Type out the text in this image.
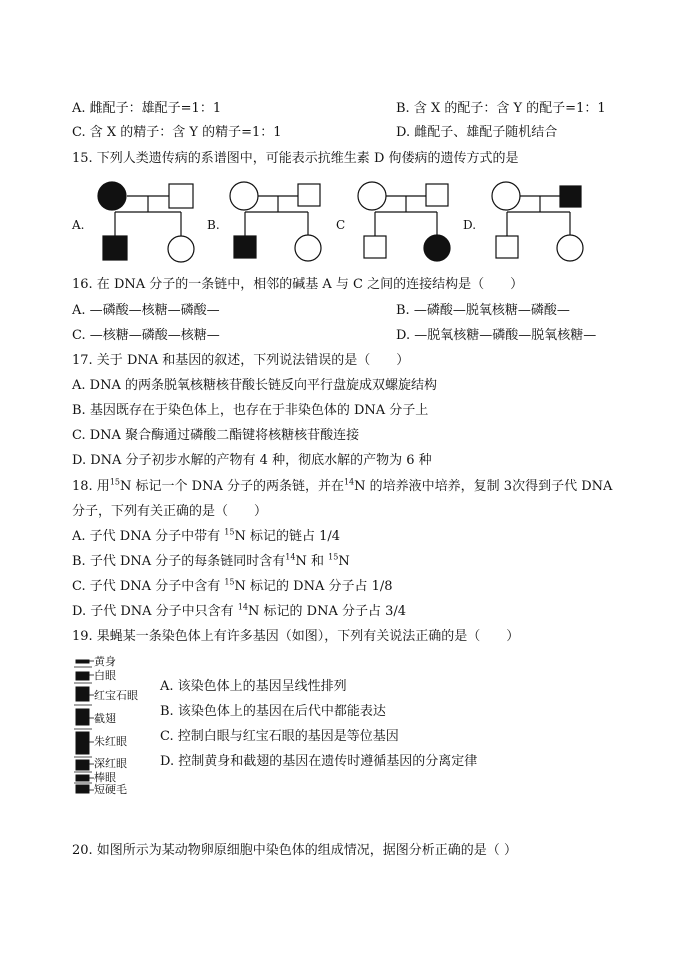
A. 雌配子：雄配子=1：1	B. 含 X 的配子：含 Y 的配子=1：1
C. 含 X 的精子：含 Y 的精子=1：1	D. 雌配子、雄配子随机结合
15. 下列人类遗传病的系谱图中，可能表示抗维生素 D 佝偻病的遗传方式的是
A.	B.	C	D.
16. 在 DNA 分子的一条链中，相邻的碱基 A 与 C 之间的连接结构是（　　）
A. —磷酸—核糖—磷酸—	B. —磷酸—脱氧核糖—磷酸—
C. —核糖—磷酸—核糖—	D. —脱氧核糖—磷酸—脱氧核糖—
17. 关于 DNA 和基因的叙述，下列说法错误的是（　　）
A. DNA 的两条脱氧核糖核苷酸长链反向平行盘旋成双螺旋结构
B. 基因既存在于染色体上，也存在于非染色体的 DNA 分子上
C. DNA 聚合酶通过磷酸二酯键将核糖核苷酸连接
D. DNA 分子初步水解的产物有 4 种，彻底水解的产物为 6 种
18. 用$^{15}$N 标记一个 DNA 分子的两条链，并在$^{14}$N 的培养液中培养，复制 3次得到子代 DNA
分子，下列有关正确的是（　　）
A. 子代 DNA 分子中带有 $^{15}$N 标记的链占 1/4
B. 子代 DNA 分子的每条链同时含有$^{14}$N 和 $^{15}$N
C. 子代 DNA 分子中含有 $^{15}$N 标记的 DNA 分子占 1/8
D. 子代 DNA 分子中只含有 $^{14}$N 标记的 DNA 分子占 3/4
19. 果蝇某一条染色体上有许多基因（如图），下列有关说法正确的是（　　）
黄身
白眼
红宝石眼
截翅
朱红眼
深红眼
棒眼
短硬毛
A. 该染色体上的基因呈线性排列
B. 该染色体上的基因在后代中都能表达
C. 控制白眼与红宝石眼的基因是等位基因
D. 控制黄身和截翅的基因在遗传时遵循基因的分离定律
20. 如图所示为某动物卵原细胞中染色体的组成情况，据图分析正确的是（ ）
